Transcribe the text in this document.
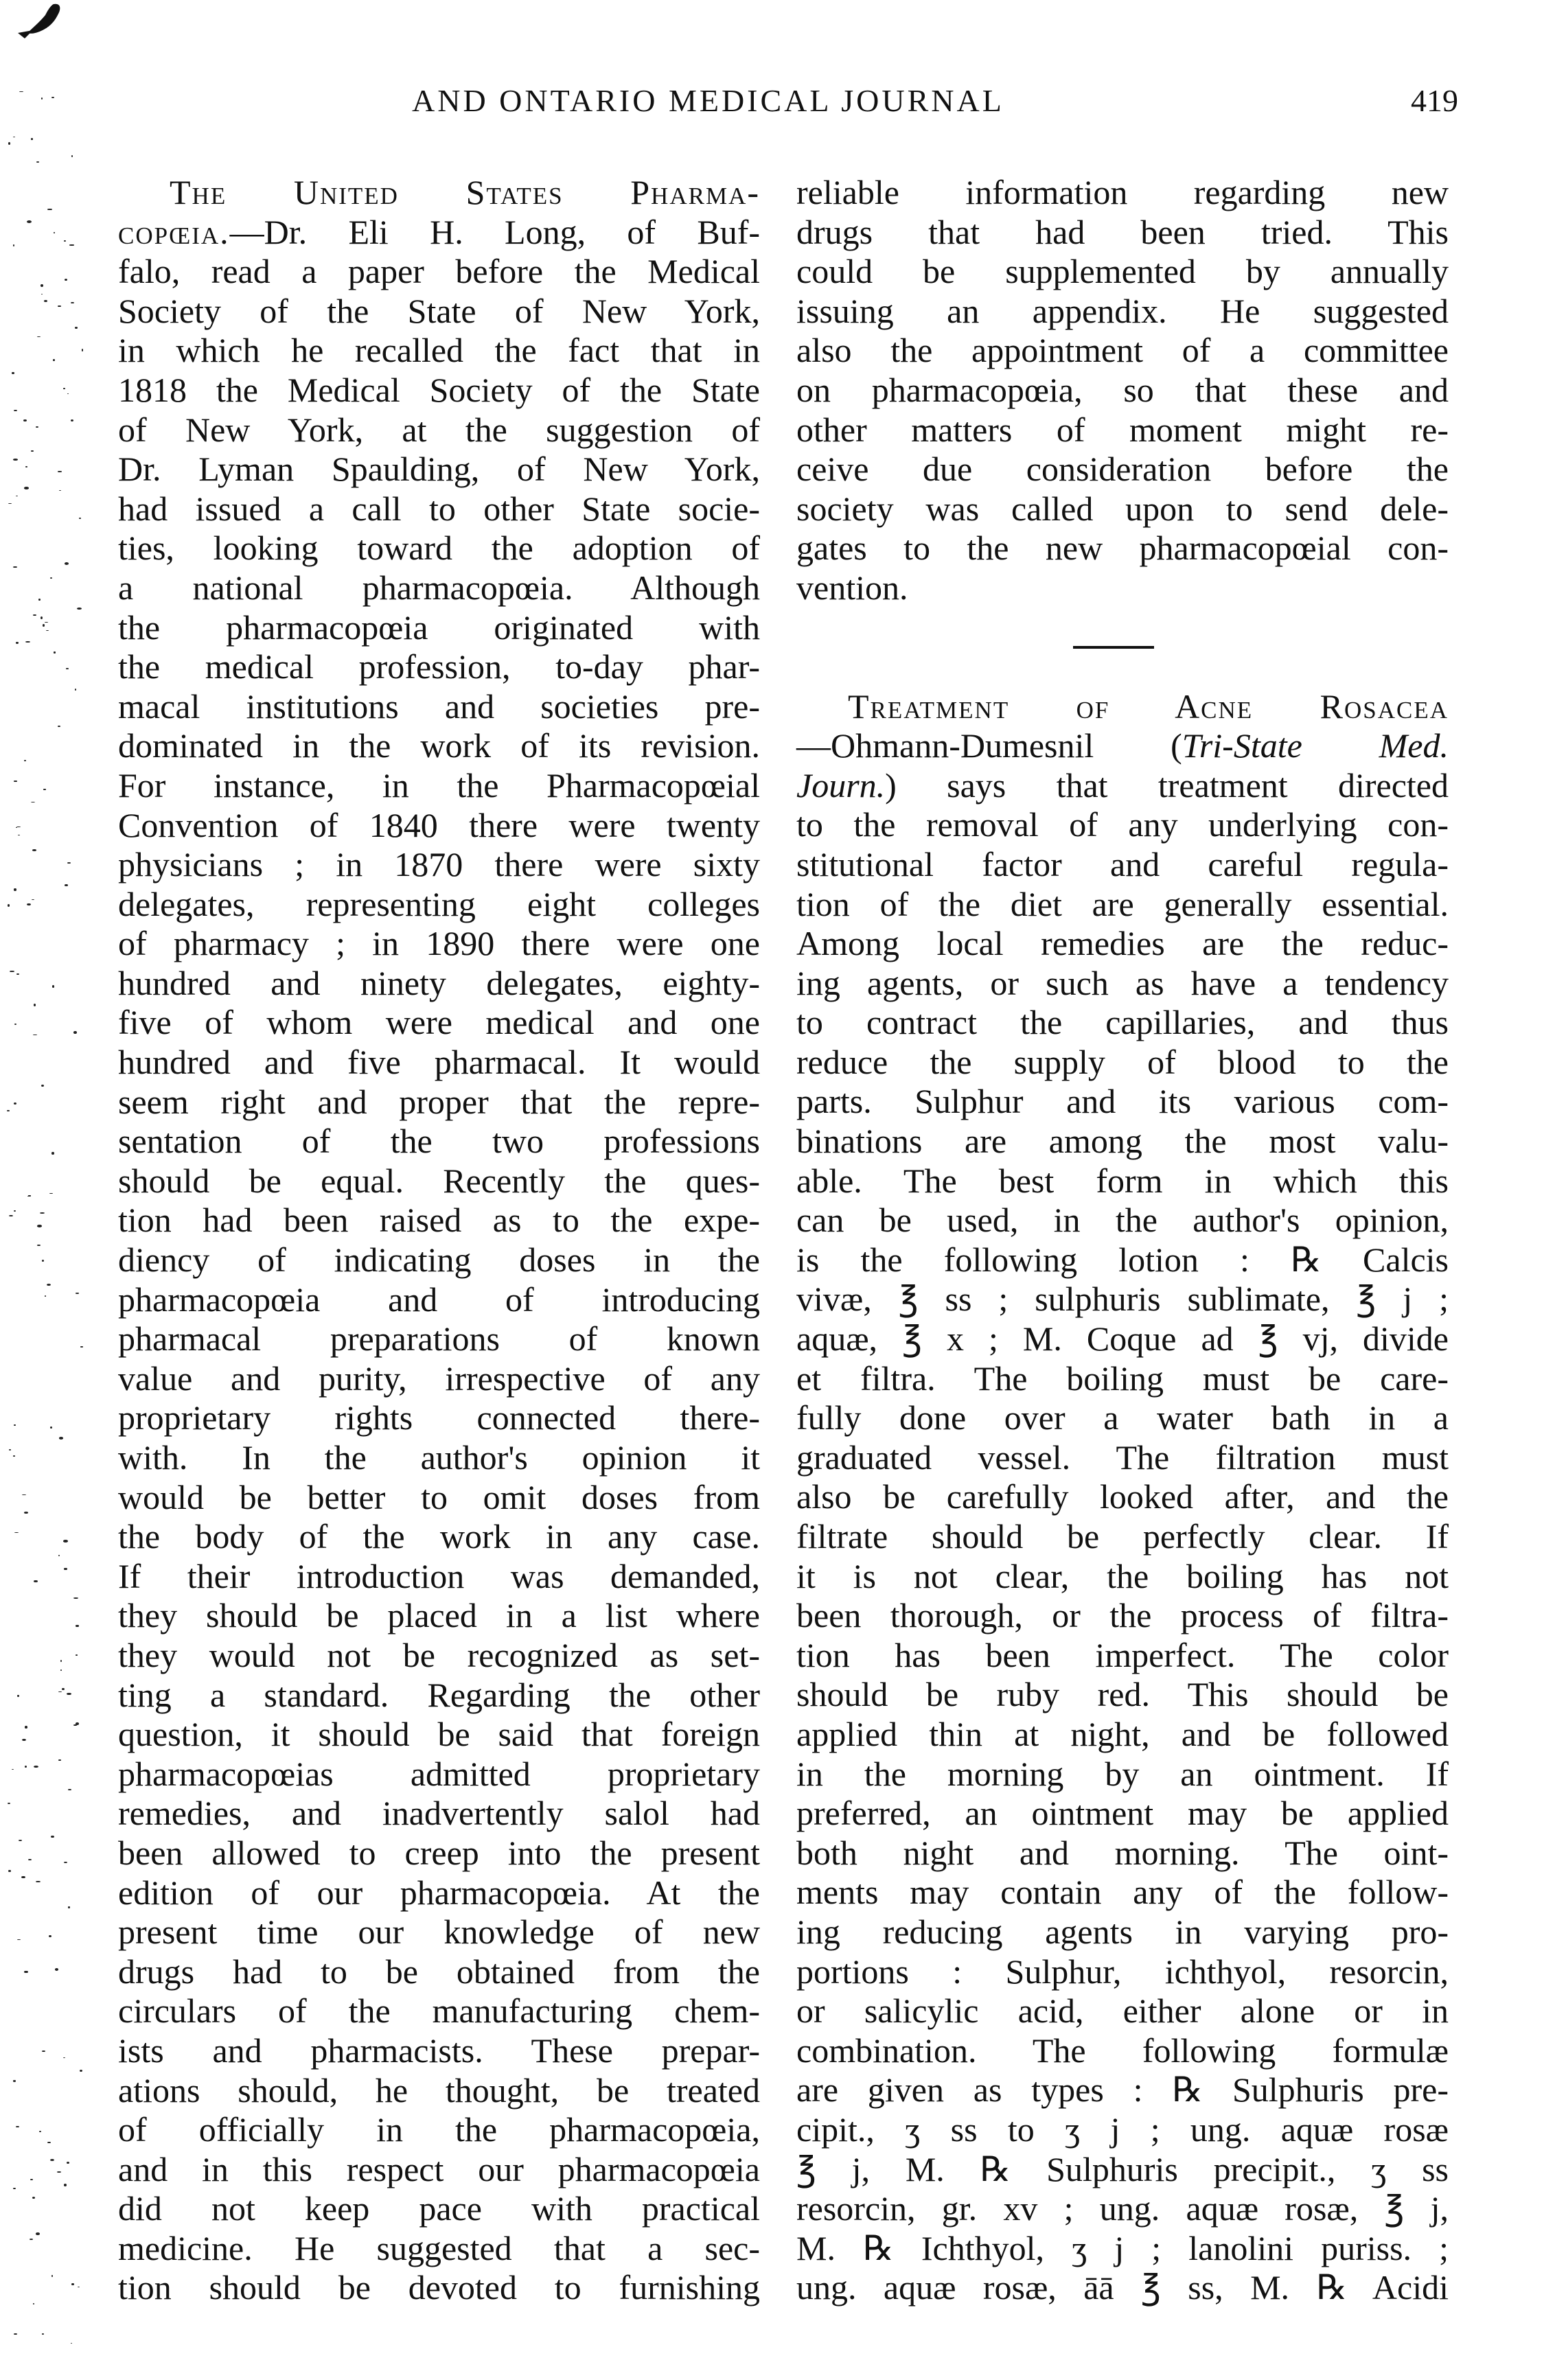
AND ONTARIO MEDICAL JOURNAL	419
The United States Pharma-
copœia.—Dr. Eli H. Long, of Buf-
falo, read a paper before the Medical
Society of the State of New York,
in which he recalled the fact that in
1818 the Medical Society of the State
of New York, at the suggestion of
Dr. Lyman Spaulding, of New York,
had issued a call to other State socie-
ties, looking toward the adoption of
a national pharmacopœia. Although
the pharmacopœia originated with
the medical profession, to-day phar-
macal institutions and societies pre-
dominated in the work of its revision.
For instance, in the Pharmacopœial
Convention of 1840 there were twenty
physicians ; in 1870 there were sixty
delegates, representing eight colleges
of pharmacy ; in 1890 there were one
hundred and ninety delegates, eighty-
five of whom were medical and one
hundred and five pharmacal. It would
seem right and proper that the repre-
sentation of the two professions
should be equal. Recently the ques-
tion had been raised as to the expe-
diency of indicating doses in the
pharmacopœia and of introducing
pharmacal preparations of known
value and purity, irrespective of any
proprietary rights connected there-
with. In the author's opinion it
would be better to omit doses from
the body of the work in any case.
If their introduction was demanded,
they should be placed in a list where
they would not be recognized as set-
ting a standard. Regarding the other
question, it should be said that foreign
pharmacopœias admitted proprietary
remedies, and inadvertently salol had
been allowed to creep into the present
edition of our pharmacopœia. At the
present time our knowledge of new
drugs had to be obtained from the
circulars of the manufacturing chem-
ists and pharmacists. These prepar-
ations should, he thought, be treated
of officially in the pharmacopœia,
and in this respect our pharmacopœia
did not keep pace with practical
medicine. He suggested that a sec-
tion should be devoted to furnishing
reliable information regarding new
drugs that had been tried. This
could be supplemented by annually
issuing an appendix. He suggested
also the appointment of a committee
on pharmacopœia, so that these and
other matters of moment might re-
ceive due consideration before the
society was called upon to send dele-
gates to the new pharmacopœial con-
vention.
Treatment of Acne Rosacea
—Ohmann-Dumesnil (Tri-State Med.
Journ.) says that treatment directed
to the removal of any underlying con-
stitutional factor and careful regula-
tion of the diet are generally essential.
Among local remedies are the reduc-
ing agents, or such as have a tendency
to contract the capillaries, and thus
reduce the supply of blood to the
parts. Sulphur and its various com-
binations are among the most valu-
able. The best form in which this
can be used, in the author's opinion,
is the following lotion : ℞ Calcis
vivæ, ℥ ss ; sulphuris sublimate, ℥ j ;
aquæ, ℥ x ; M. Coque ad ℥ vj, divide
et filtra. The boiling must be care-
fully done over a water bath in a
graduated vessel. The filtration must
also be carefully looked after, and the
filtrate should be perfectly clear. If
it is not clear, the boiling has not
been thorough, or the process of filtra-
tion has been imperfect. The color
should be ruby red. This should be
applied thin at night, and be followed
in the morning by an ointment. If
preferred, an ointment may be applied
both night and morning. The oint-
ments may contain any of the follow-
ing reducing agents in varying pro-
portions : Sulphur, ichthyol, resorcin,
or salicylic acid, either alone or in
combination. The following formulæ
are given as types : ℞ Sulphuris pre-
cipit., ʒ ss to ʒ j ; ung. aquæ rosæ
℥ j, M. ℞ Sulphuris precipit., ʒ ss
resorcin, gr. xv ; ung. aquæ rosæ, ℥ j,
M. ℞ Ichthyol, ʒ j ; lanolini puriss. ;
ung. aquæ rosæ, āā ℥ ss, M. ℞ Acidi
